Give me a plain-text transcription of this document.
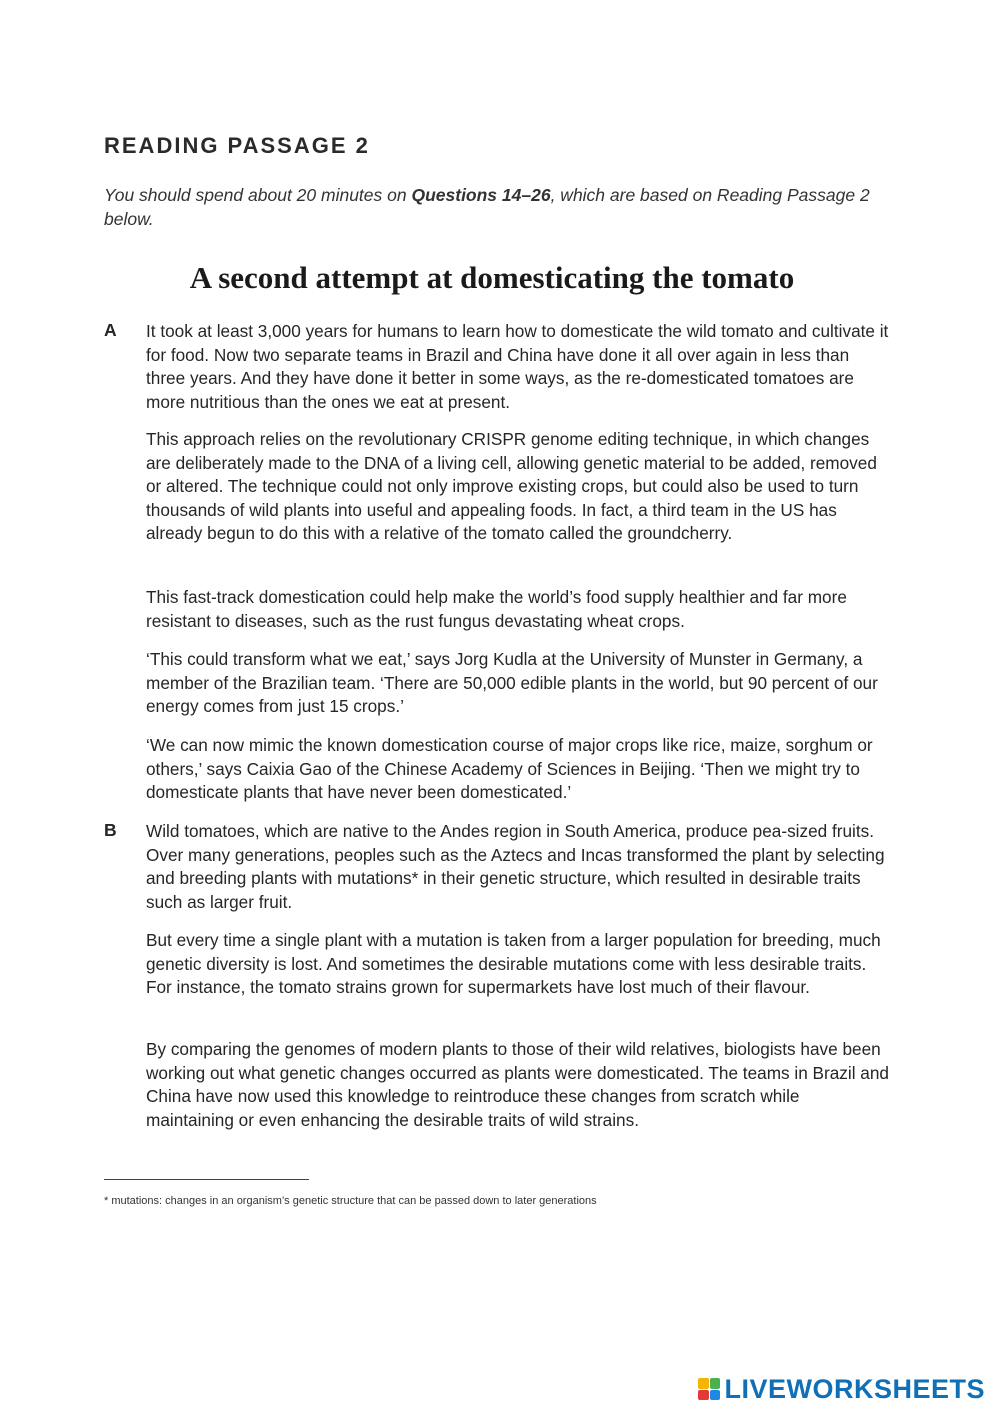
READING PASSAGE 2
You should spend about 20 minutes on Questions 14–26, which are based on Reading Passage 2 below.
A second attempt at domesticating the tomato
A It took at least 3,000 years for humans to learn how to domesticate the wild tomato and cultivate it for food. Now two separate teams in Brazil and China have done it all over again in less than three years. And they have done it better in some ways, as the re-domesticated tomatoes are more nutritious than the ones we eat at present.
This approach relies on the revolutionary CRISPR genome editing technique, in which changes are deliberately made to the DNA of a living cell, allowing genetic material to be added, removed or altered. The technique could not only improve existing crops, but could also be used to turn thousands of wild plants into useful and appealing foods. In fact, a third team in the US has already begun to do this with a relative of the tomato called the groundcherry.
This fast-track domestication could help make the world’s food supply healthier and far more resistant to diseases, such as the rust fungus devastating wheat crops.
‘This could transform what we eat,’ says Jorg Kudla at the University of Munster in Germany, a member of the Brazilian team. ‘There are 50,000 edible plants in the world, but 90 percent of our energy comes from just 15 crops.’
‘We can now mimic the known domestication course of major crops like rice, maize, sorghum or others,’ says Caixia Gao of the Chinese Academy of Sciences in Beijing. ‘Then we might try to domesticate plants that have never been domesticated.’
B Wild tomatoes, which are native to the Andes region in South America, produce pea-sized fruits. Over many generations, peoples such as the Aztecs and Incas transformed the plant by selecting and breeding plants with mutations* in their genetic structure, which resulted in desirable traits such as larger fruit.
But every time a single plant with a mutation is taken from a larger population for breeding, much genetic diversity is lost. And sometimes the desirable mutations come with less desirable traits. For instance, the tomato strains grown for supermarkets have lost much of their flavour.
By comparing the genomes of modern plants to those of their wild relatives, biologists have been working out what genetic changes occurred as plants were domesticated. The teams in Brazil and China have now used this knowledge to reintroduce these changes from scratch while maintaining or even enhancing the desirable traits of wild strains.
* mutations: changes in an organism’s genetic structure that can be passed down to later generations
LIVEWORKSHEETS
